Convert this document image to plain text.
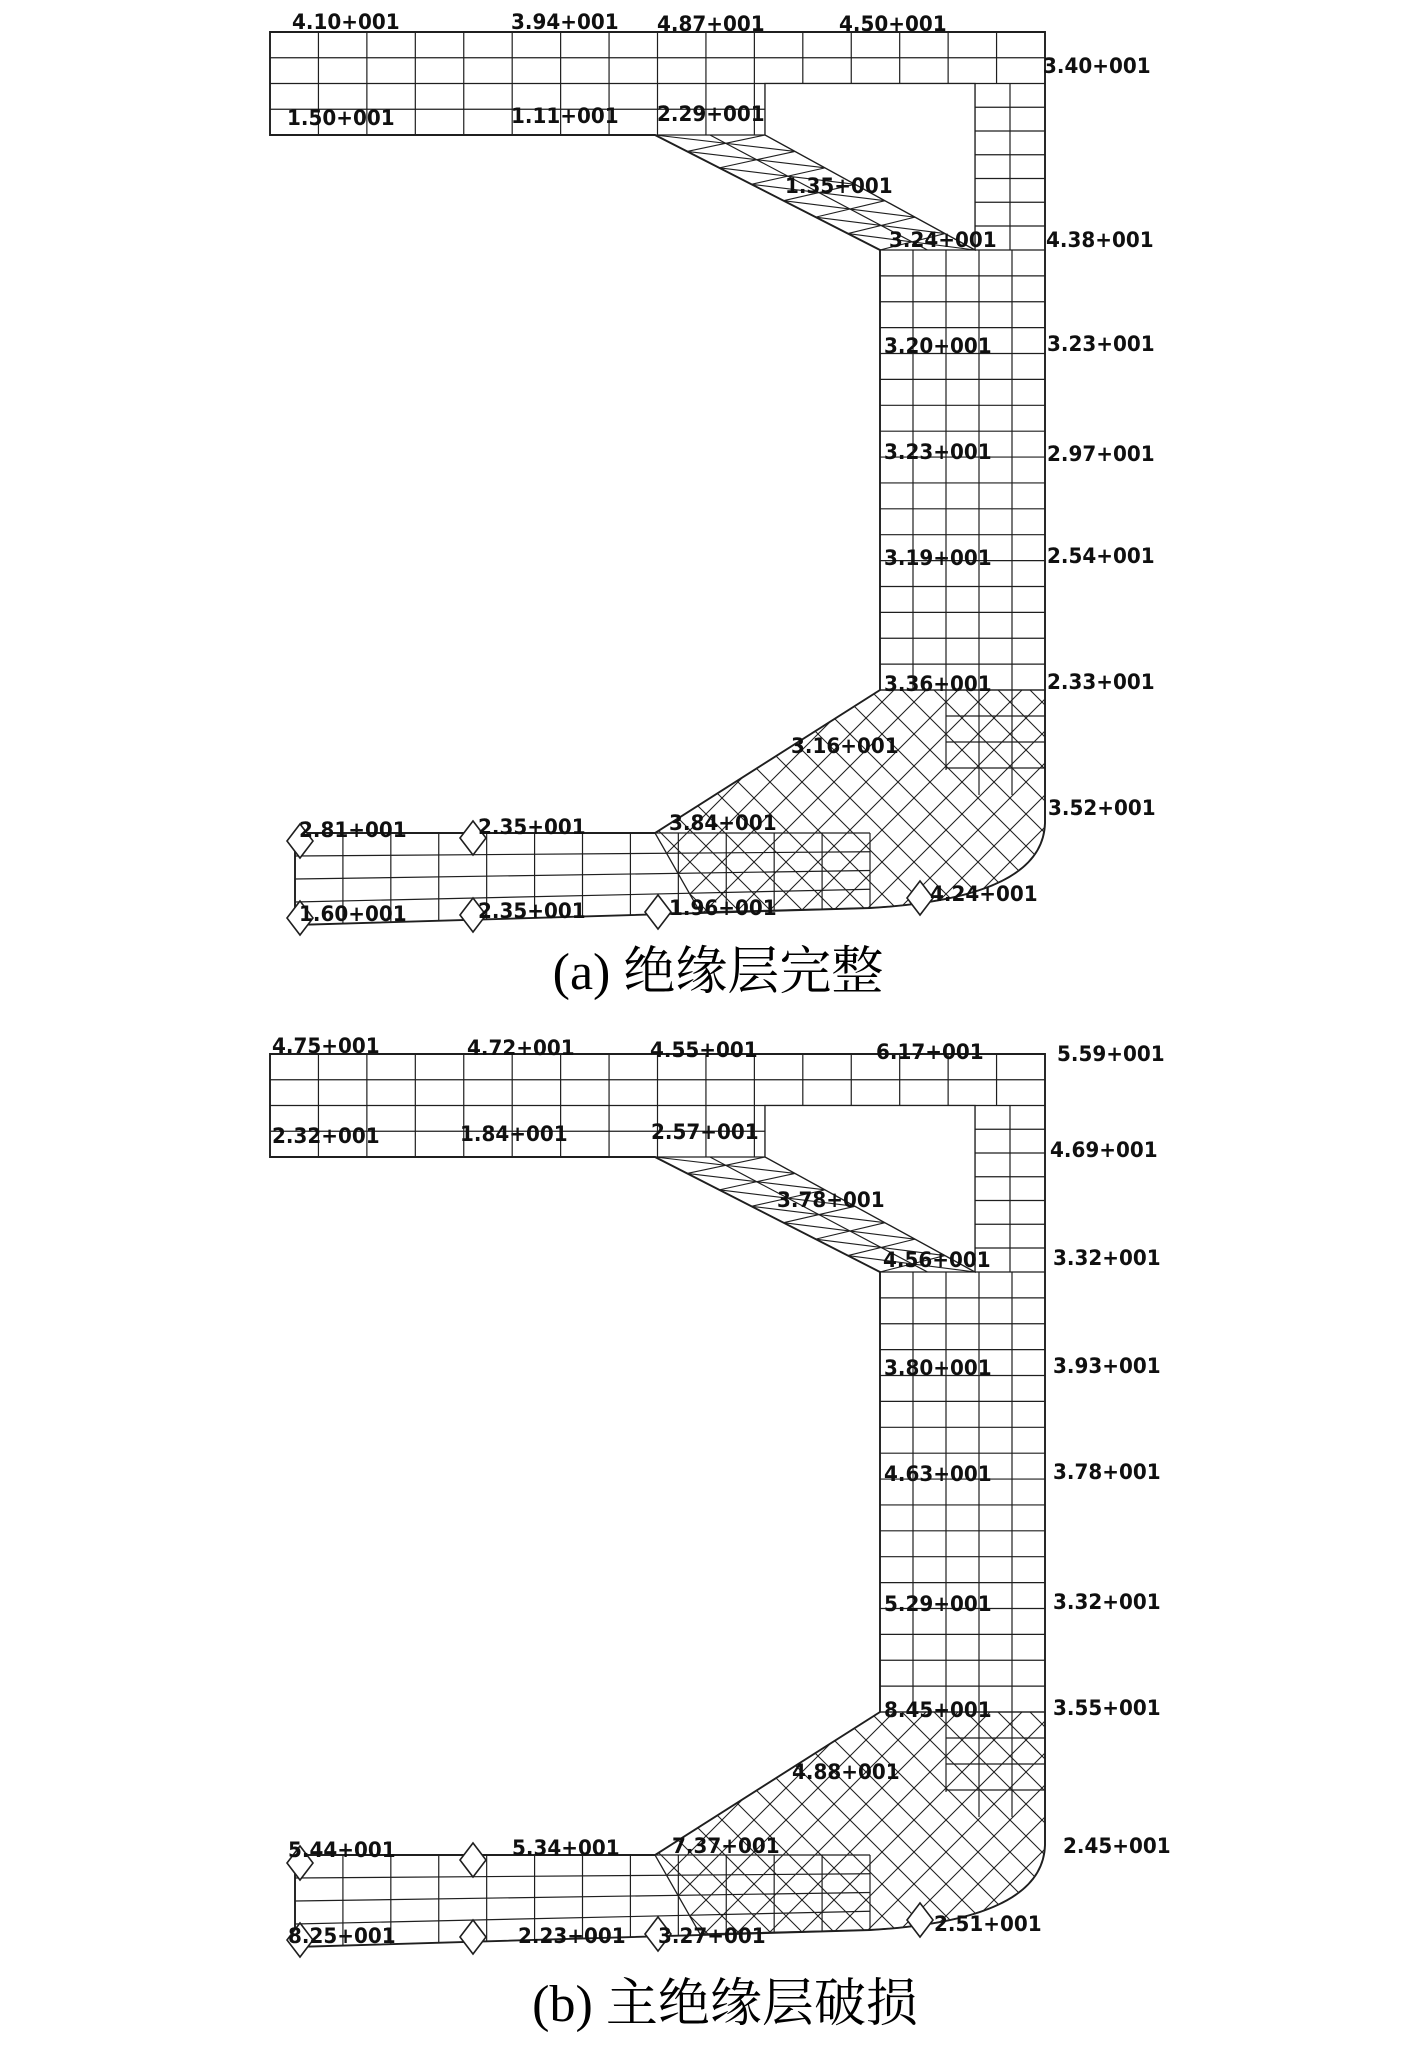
4.10+001	3.94+001 4.87+001	4.50+001
3.40+001
1.50+001	1.11+001 2.29+001
1.35+001
3.24+001 4.38+001
3.20+001	3.23+001
3.23+001	2.97+001
3.19+001	2.54+001
3.36+001	2.33+001
3.16+001
3.52+001
2.81+001	2.35+001	3.84+001
4.24+001
1.60+001	2.35+001	1.96+001
4.75+001	4.72+001	4.55+001	6.17+001	5.59+001
2.32+001	1.84+001	2.57+001
4.69+001
3.78+001
4.56+001	3.32+001
3.80+001	3.93+001
4.63+001	3.78+001
5.29+001	3.32+001
8.45+001	3.55+001
4.88+001
2.45+001
5.44+001	5.34+001 7.37+001
2.51+001
8.25+001	2.23+001 3.27+001
(a) 绝缘层完整
(b) 主绝缘层破损
